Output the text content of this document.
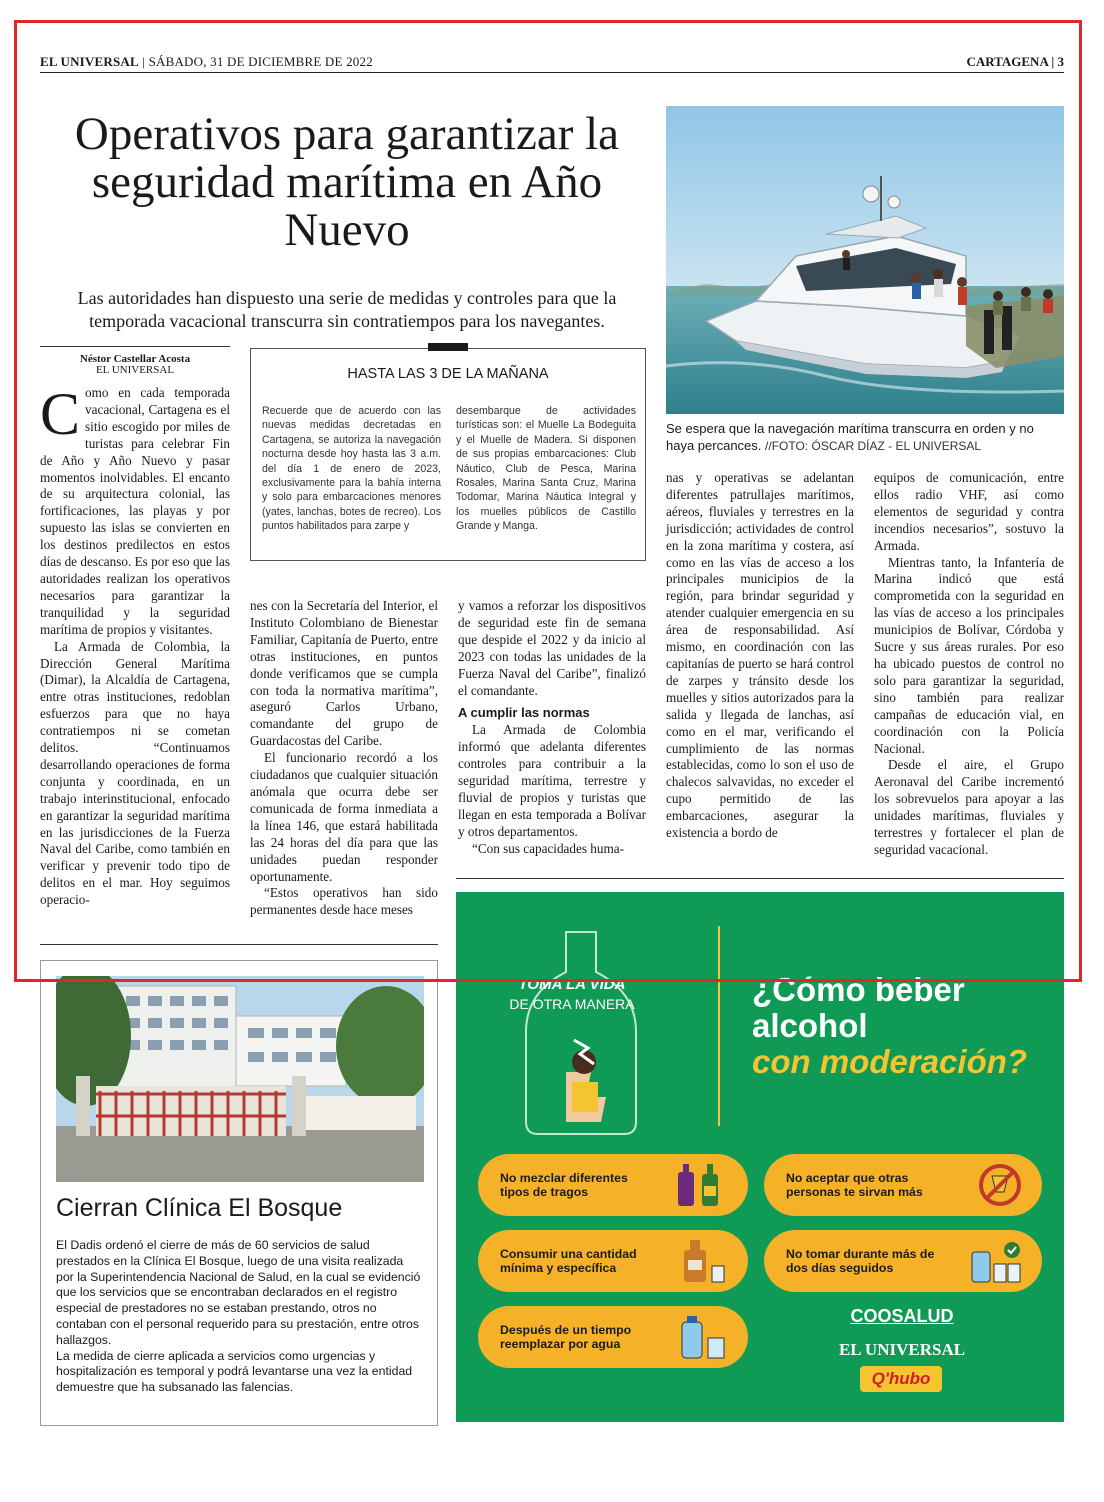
EL UNIVERSAL | SÁBADO, 31 DE DICIEMBRE DE 2022	CARTAGENA | 3
Operativos para garantizar la seguridad marítima en Año Nuevo
Las autoridades han dispuesto una serie de medidas y controles para que la temporada vacacional transcurra sin contratiempos para los navegantes.
Se espera que la navegación marítima transcurra en orden y no haya percances. //FOTO: ÓSCAR DÍAZ - EL UNIVERSAL
Néstor Castellar Acosta
EL UNIVERSAL

Como en cada temporada vacacional, Cartagena es el sitio escogido por miles de turistas para celebrar Fin de Año y Año Nuevo y pasar momentos inolvidables. El encanto de su arquitectura colonial, las fortificaciones, las playas y por supuesto las islas se convierten en los destinos predilectos en estos días de descanso. Es por eso que las autoridades realizan los operativos necesarios para garantizar la tranquilidad y la seguridad marítima de propios y visitantes.

La Armada de Colombia, la Dirección General Marítima (Dimar), la Alcaldía de Cartagena, entre otras instituciones, redoblan esfuerzos para que no haya contratiempos ni se cometan delitos. “Continuamos desarrollando operaciones de forma conjunta y coordinada, en un trabajo interinstitucional, enfocado en garantizar la seguridad marítima en las jurisdicciones de la Fuerza Naval del Caribe, como también en verificar y prevenir todo tipo de delitos en el mar. Hoy seguimos operacio-

HASTA LAS 3 DE LA MAÑANA
Recuerde que de acuerdo con las nuevas medidas decretadas en Cartagena, se autoriza la navegación nocturna desde hoy hasta las 3 a.m. del día 1 de enero de 2023, exclusivamente para la bahía interna y solo para embarcaciones menores (yates, lanchas, botes de recreo). Los puntos habilitados para zarpe y
desembarque de actividades turísticas son: el Muelle La Bodeguita y el Muelle de Madera. Si disponen de sus propias embarcaciones: Club Náutico, Club de Pesca, Marina Rosales, Marina Santa Cruz, Marina Todomar, Marina Náutica Integral y los muelles públicos de Castillo Grande y Manga.

nes con la Secretaría del Interior, el Instituto Colombiano de Bienestar Familiar, Capitanía de Puerto, entre otras instituciones, en puntos donde verificamos que se cumpla con toda la normativa marítima”, aseguró Carlos Urbano, comandante del grupo de Guardacostas del Caribe.

El funcionario recordó a los ciudadanos que cualquier situación anómala que ocurra debe ser comunicada de forma inmediata a la línea 146, que estará habilitada las 24 horas del día para que las unidades puedan responder oportunamente.

“Estos operativos han sido permanentes desde hace meses

y vamos a reforzar los dispositivos de seguridad este fin de semana que despide el 2022 y da inicio al 2023 con todas las unidades de la Fuerza Naval del Caribe”, finalizó el comandante.

A cumplir las normas

La Armada de Colombia informó que adelanta diferentes controles para contribuir a la seguridad marítima, terrestre y fluvial de propios y turistas que llegan en esta temporada a Bolívar y otros departamentos.

“Con sus capacidades huma-

nas y operativas se adelantan diferentes patrullajes marítimos, aéreos, fluviales y terrestres en la jurisdicción; actividades de control en la zona marítima y costera, así como en las vías de acceso a los principales municipios de la región, para brindar seguridad y atender cualquier emergencia en su área de responsabilidad. Así mismo, en coordinación con las capitanías de puerto se hará control de zarpes y tránsito desde los muelles y sitios autorizados para la salida y llegada de lanchas, así como en el mar, verificando el cumplimiento de las normas establecidas, como lo son el uso de chalecos salvavidas, no exceder el cupo permitido de las embarcaciones, asegurar la existencia a bordo de

equipos de comunicación, entre ellos radio VHF, así como elementos de seguridad y contra incendios necesarios”, sostuvo la Armada.

Mientras tanto, la Infantería de Marina indicó que está comprometida con la seguridad en las vías de acceso a los principales municipios de Bolívar, Córdoba y Sucre y sus áreas rurales. Por eso ha ubicado puestos de control no solo para garantizar la seguridad, sino también para realizar campañas de educación vial, en coordinación con la Policía Nacional.

Desde el aire, el Grupo Aeronaval del Caribe incrementó los sobrevuelos para apoyar a las unidades marítimas, fluviales y terrestres y fortalecer el plan de seguridad vacacional.

Cierran Clínica El Bosque

El Dadis ordenó el cierre de más de 60 servicios de salud prestados en la Clínica El Bosque, luego de una visita realizada por la Superintendencia Nacional de Salud, en la cual se evidenció que los servicios que se encontraban declarados en el registro especial de prestadores no se estaban prestando, otros no contaban con el personal requerido para su prestación, entre otros hallazgos.

La medida de cierre aplicada a servicios como urgencias y hospitalización es temporal y podrá levantarse una vez la entidad demuestre que ha subsanado las falencias.

TOMA LA VIDA
DE OTRA MANERA	¿Cómo beber alcohol
con moderación?
No mezclar diferentes tipos de tragos
No aceptar que otras personas te sirvan más
Consumir una cantidad mínima y específica
No tomar durante más de dos días seguidos
Después de un tiempo reemplazar por agua
COOSALUD
EL UNIVERSAL
Q'hubo
